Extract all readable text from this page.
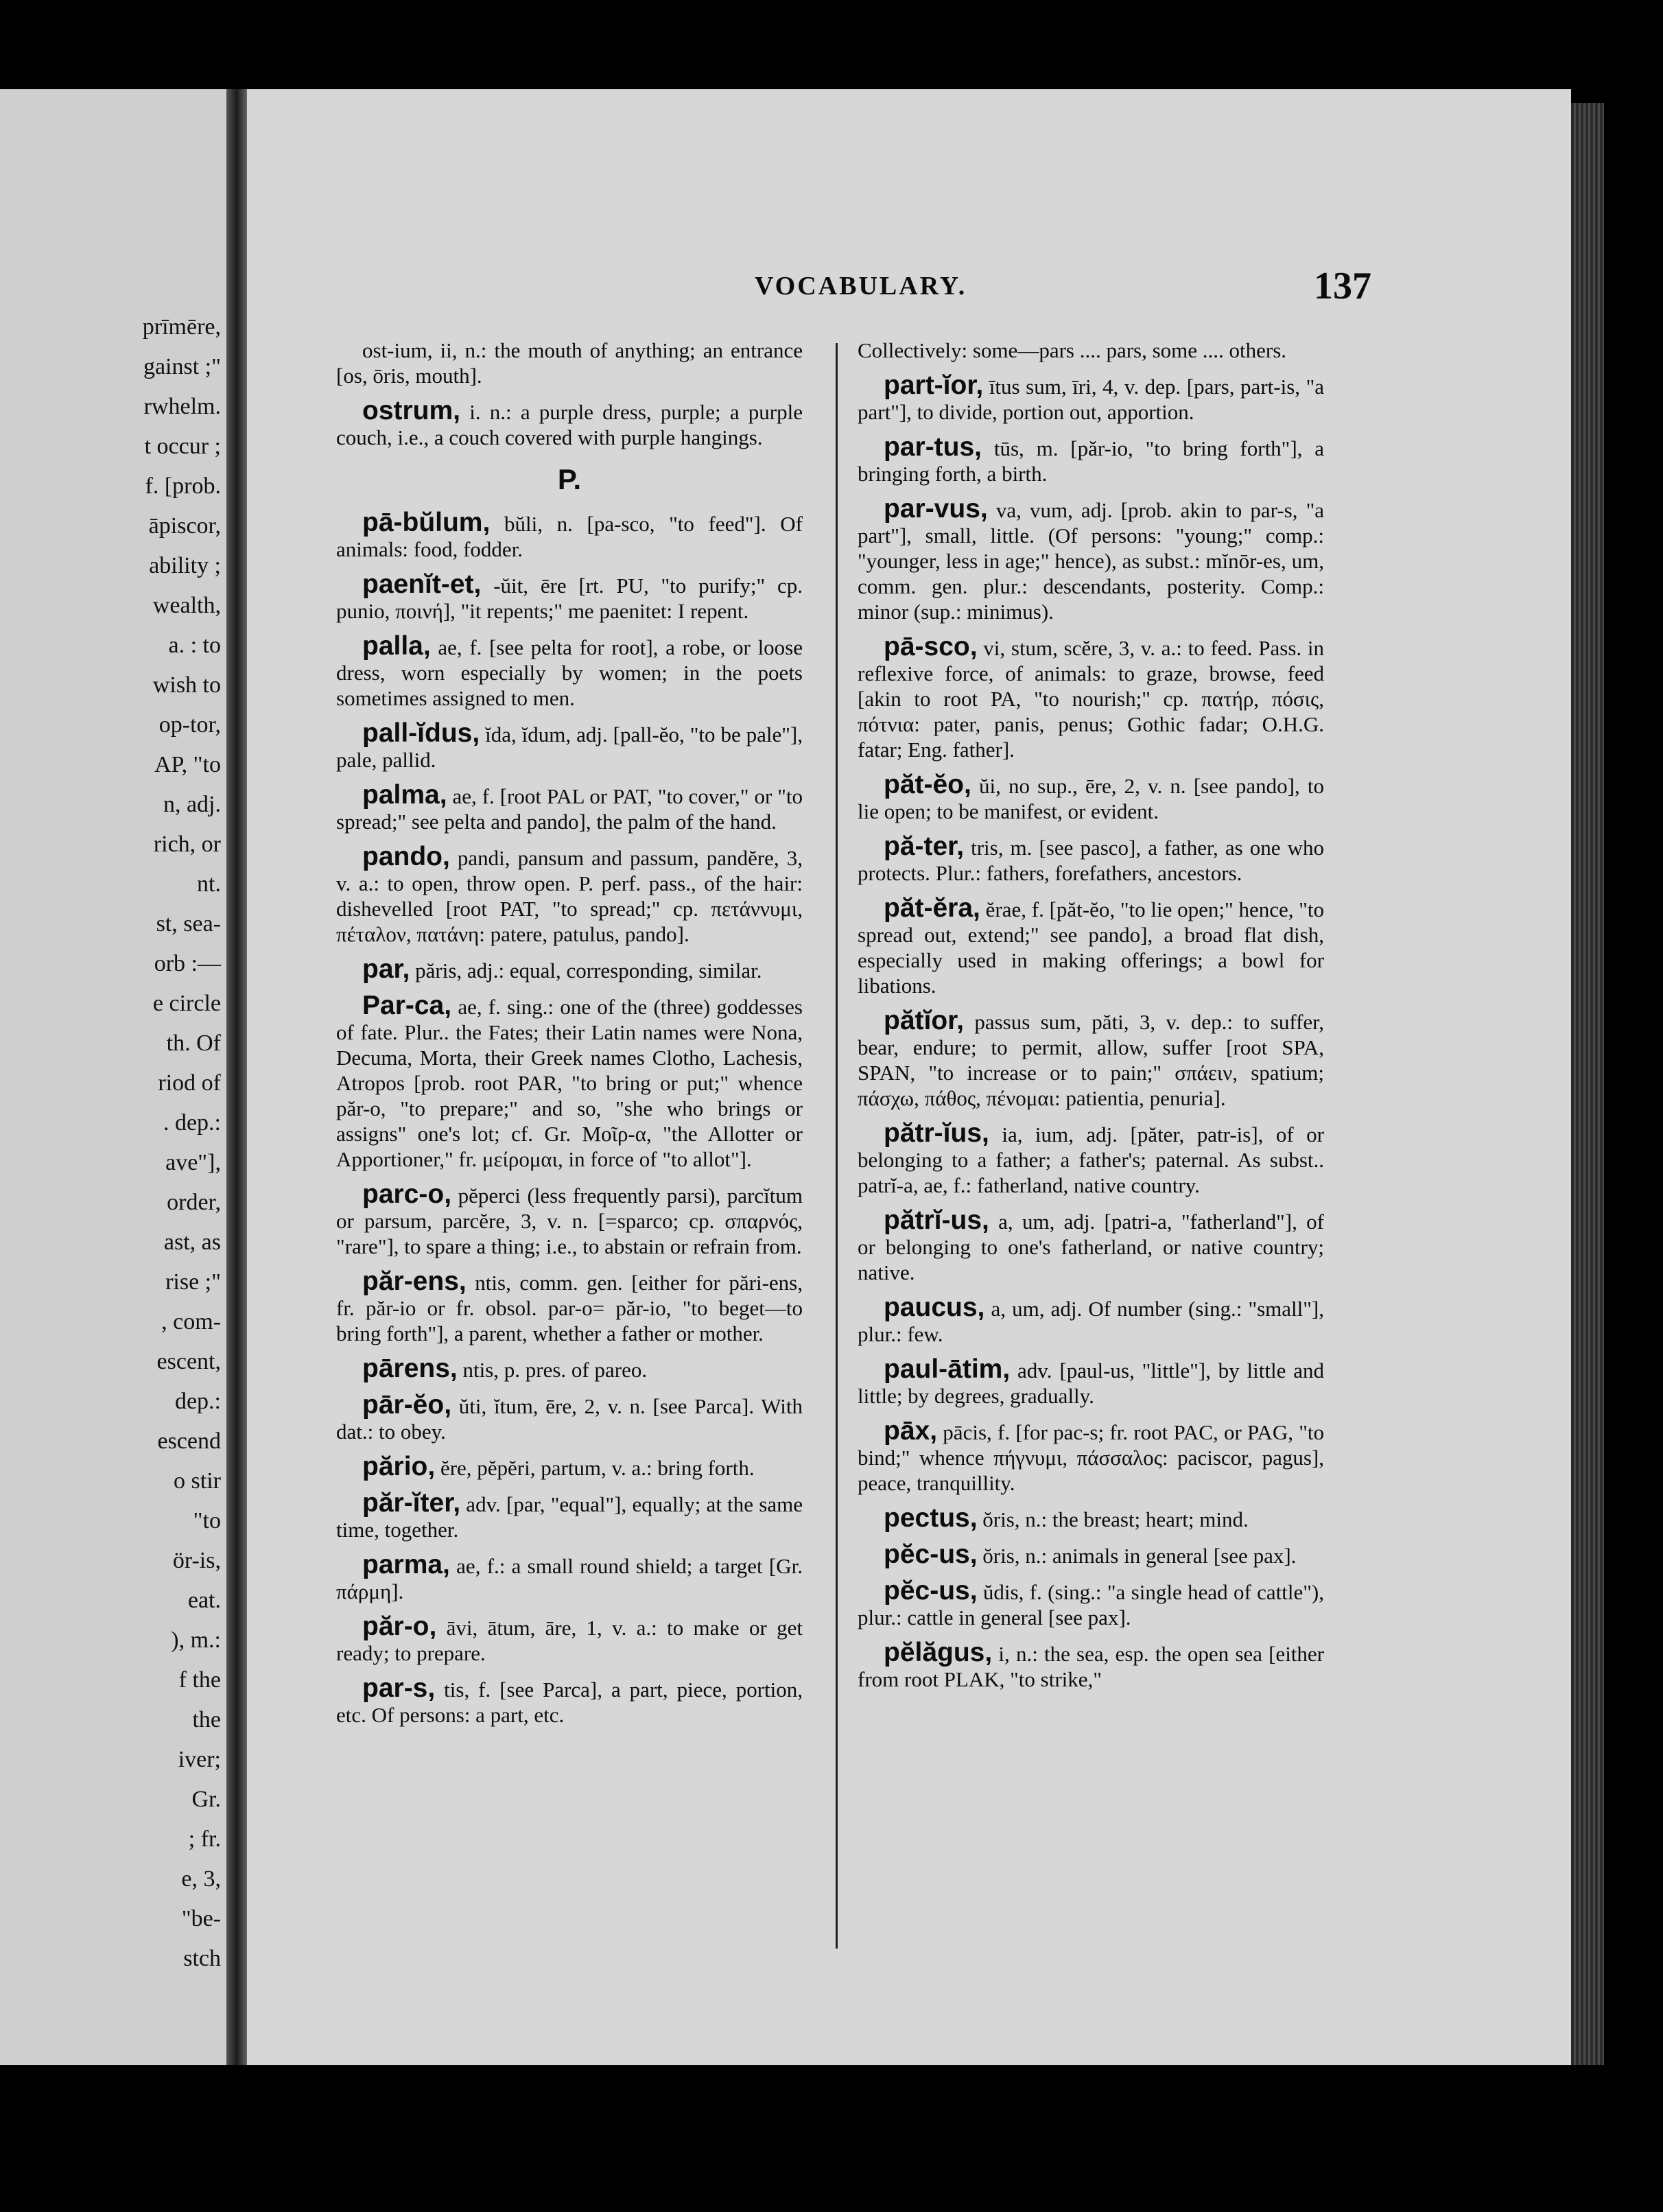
prīmēre,
gainst ;"
rwhelm.
t occur ;
f. [prob.
āpiscor,
ability ;
wealth,
a. : to
wish to
op-tor,
AP, "to
n, adj.
rich, or
nt.
st, sea-
orb :—
e circle
th. Of
riod of
. dep.:
ave"],
order,
ast, as
rise ;"
, com-
escent,
dep.:
escend
o stir
"to
ör-is,
eat.
), m.:
f the
the
iver;
Gr.
; fr.
e, 3,
"be-
stch
VOCABULARY.	137

ost-ium, ii, n.: the mouth of anything; an entrance [os, ōris, mouth].

ostrum, i. n.: a purple dress, purple; a purple couch, i.e., a couch covered with purple hangings.

P.

pā-bŭlum, bŭli, n. [pa-sco, "to feed"]. Of animals: food, fodder.

paenĭt-et, -ŭit, ēre [rt. PU, "to purify;" cp. punio, ποινή], "it repents;" me paenitet: I repent.

palla, ae, f. [see pelta for root], a robe, or loose dress, worn especially by women; in the poets sometimes assigned to men.

pall-ĭdus, ĭda, ĭdum, adj. [pall-ĕo, "to be pale"], pale, pallid.

palma, ae, f. [root PAL or PAT, "to cover," or "to spread;" see pelta and pando], the palm of the hand.

pando, pandi, pansum and passum, pandĕre, 3, v. a.: to open, throw open. P. perf. pass., of the hair: dishevelled [root PAT, "to spread;" cp. πετάννυμι, πέταλον, πατάνη: patere, patulus, pando].

par, păris, adj.: equal, corresponding, similar.

Par-ca, ae, f. sing.: one of the (three) goddesses of fate. Plur.. the Fates; their Latin names were Nona, Decuma, Morta, their Greek names Clotho, Lachesis, Atropos [prob. root PAR, "to bring or put;" whence păr-o, "to prepare;" and so, "she who brings or assigns" one's lot; cf. Gr. Μοῖρ-α, "the Allotter or Apportioner," fr. μείρομαι, in force of "to allot"].

parc-o, pĕperci (less frequently parsi), parcĭtum or parsum, parcĕre, 3, v. n. [=sparco; cp. σπαρνός, "rare"], to spare a thing; i.e., to abstain or refrain from.

păr-ens, ntis, comm. gen. [either for pări-ens, fr. păr-io or fr. obsol. par-o= păr-io, "to beget—to bring forth"], a parent, whether a father or mother.

pārens, ntis, p. pres. of pareo.

pār-ĕo, ŭti, ĭtum, ēre, 2, v. n. [see Parca]. With dat.: to obey.

părio, ĕre, pĕpĕri, partum, v. a.: bring forth.

păr-ĭter, adv. [par, "equal"], equally; at the same time, together.

parma, ae, f.: a small round shield; a target [Gr. πάρμη].

păr-o, āvi, ātum, āre, 1, v. a.: to make or get ready; to prepare.

par-s, tis, f. [see Parca], a part, piece, portion, etc. Of persons: a part, etc.

Collectively: some—pars .... pars, some .... others.

part-ĭor, ītus sum, īri, 4, v. dep. [pars, part-is, "a part"], to divide, portion out, apportion.

par-tus, tūs, m. [păr-io, "to bring forth"], a bringing forth, a birth.

par-vus, va, vum, adj. [prob. akin to par-s, "a part"], small, little. (Of persons: "young;" comp.: "younger, less in age;" hence), as subst.: mĭnōr-es, um, comm. gen. plur.: descendants, posterity. Comp.: minor (sup.: minimus).

pā-sco, vi, stum, scĕre, 3, v. a.: to feed. Pass. in reflexive force, of animals: to graze, browse, feed [akin to root PA, "to nourish;" cp. πατήρ, πόσις, πότνια: pater, panis, penus; Gothic fadar; O.H.G. fatar; Eng. father].

păt-ĕo, ŭi, no sup., ēre, 2, v. n. [see pando], to lie open; to be manifest, or evident.

pă-ter, tris, m. [see pasco], a father, as one who protects. Plur.: fathers, forefathers, ancestors.

păt-ĕra, ĕrae, f. [păt-ĕo, "to lie open;" hence, "to spread out, extend;" see pando], a broad flat dish, especially used in making offerings; a bowl for libations.

pătĭor, passus sum, păti, 3, v. dep.: to suffer, bear, endure; to permit, allow, suffer [root SPA, SPAN, "to increase or to pain;" σπάειν, spatium; πάσχω, πάθος, πένομαι: patientia, penuria].

pătr-ĭus, ia, ium, adj. [păter, patr-is], of or belonging to a father; a father's; paternal. As subst.. patrĭ-a, ae, f.: fatherland, native country.

pătrĭ-us, a, um, adj. [patri-a, "fatherland"], of or belonging to one's fatherland, or native country; native.

paucus, a, um, adj. Of number (sing.: "small"], plur.: few.

paul-ātim, adv. [paul-us, "little"], by little and little; by degrees, gradually.

pāx, pācis, f. [for pac-s; fr. root PAC, or PAG, "to bind;" whence πήγνυμι, πάσσαλος: paciscor, pagus], peace, tranquillity.

pectus, ŏris, n.: the breast; heart; mind.

pĕc-us, ŏris, n.: animals in general [see pax].

pĕc-us, ŭdis, f. (sing.: "a single head of cattle"), plur.: cattle in general [see pax].

pĕlăgus, i, n.: the sea, esp. the open sea [either from root PLAK, "to strike,"
